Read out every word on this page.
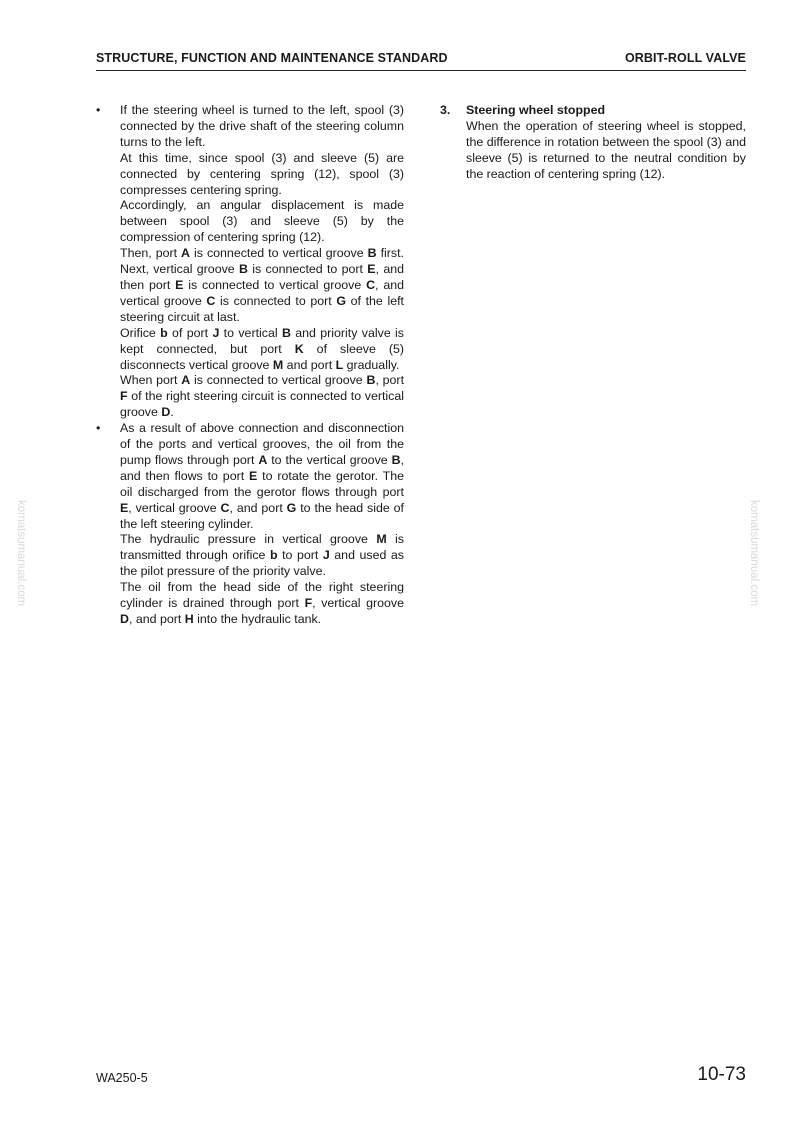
STRUCTURE, FUNCTION AND MAINTENANCE STANDARD	ORBIT-ROLL VALVE
• If the steering wheel is turned to the left, spool (3) connected by the drive shaft of the steering column turns to the left.

At this time, since spool (3) and sleeve (5) are connected by centering spring (12), spool (3) compresses centering spring.

Accordingly, an angular displacement is made between spool (3) and sleeve (5) by the compression of centering spring (12).

Then, port A is connected to vertical groove B first. Next, vertical groove B is connected to port E, and then port E is connected to vertical groove C, and vertical groove C is connected to port G of the left steering circuit at last.

Orifice b of port J to vertical B and priority valve is kept connected, but port K of sleeve (5) disconnects vertical groove M and port L gradually.

When port A is connected to vertical groove B, port F of the right steering circuit is connected to vertical groove D.

• As a result of above connection and disconnection of the ports and vertical grooves, the oil from the pump flows through port A to the vertical groove B, and then flows to port E to rotate the gerotor. The oil discharged from the gerotor flows through port E, vertical groove C, and port G to the head side of the left steering cylinder.

The hydraulic pressure in vertical groove M is transmitted through orifice b to port J and used as the pilot pressure of the priority valve.

The oil from the head side of the right steering cylinder is drained through port F, vertical groove D, and port H into the hydraulic tank.

3. Steering wheel stopped

When the operation of steering wheel is stopped, the difference in rotation between the spool (3) and sleeve (5) is returned to the neutral condition by the reaction of centering spring (12).

komatsumanual.com	komatsumanual.com
WA250-5	10-73
